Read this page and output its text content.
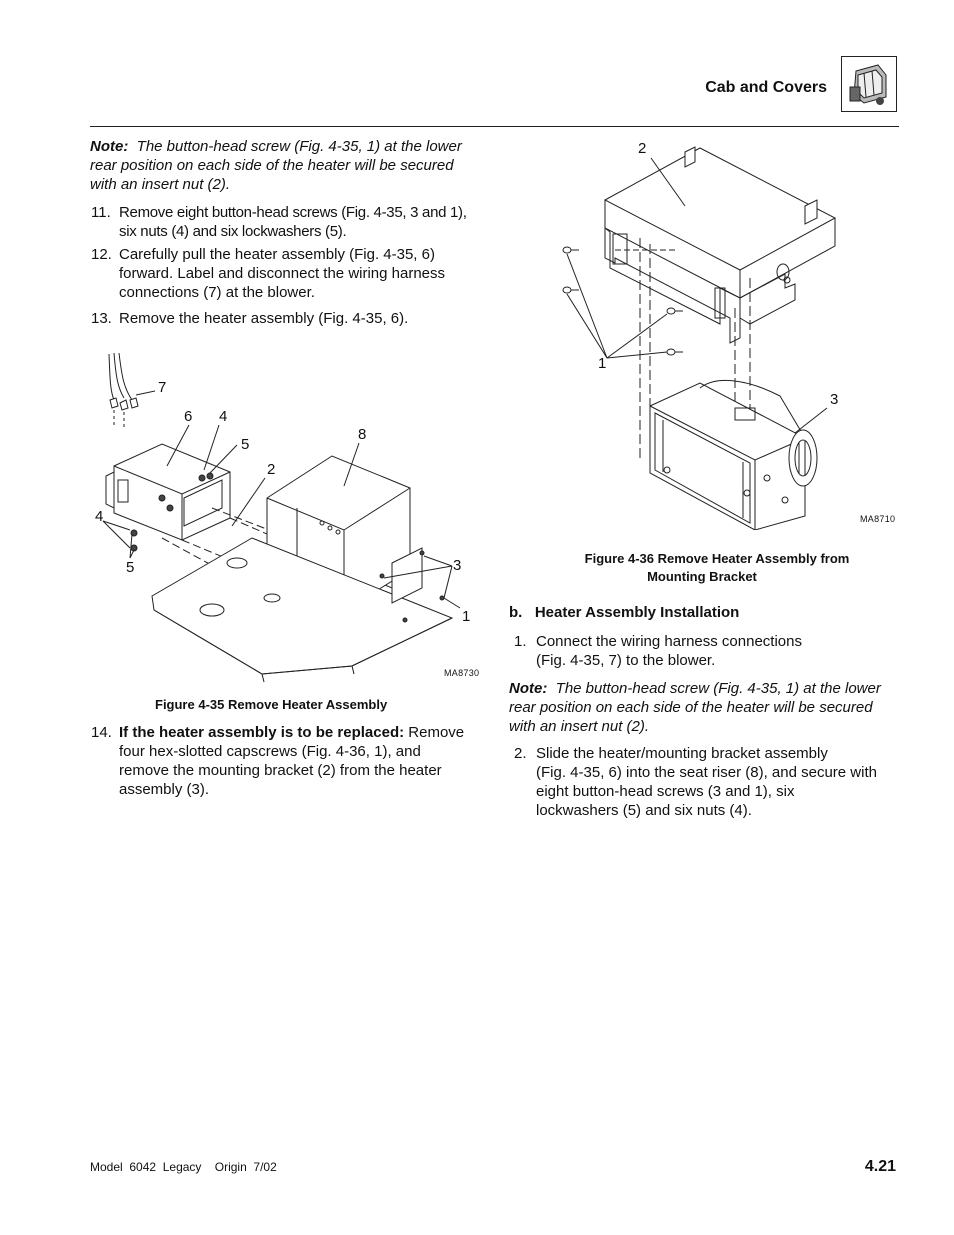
Cab and Covers
Note: The button-head screw (Fig. 4-35, 1) at the lower
rear position on each side of the heater will be secured
with an insert nut (2).
11. Remove eight button-head screws (Fig. 4-35, 3 and 1),
six nuts (4) and six lockwashers (5).
12. Carefully pull the heater assembly (Fig. 4-35, 6)
forward. Label and disconnect the wiring harness
connections (7) at the blower.
13. Remove the heater assembly (Fig. 4-35, 6).
7
6 4
5
8
2
4
5	3
1
MA8730
Figure 4-35 Remove Heater Assembly
14. If the heater assembly is to be replaced: Remove
four hex-slotted capscrews (Fig. 4-36, 1), and
remove the mounting bracket (2) from the heater
assembly (3).
2
1
3
MA8710
Figure 4-36 Remove Heater Assembly from
Mounting Bracket
b.   Heater Assembly Installation
1. Connect the wiring harness connections
(Fig. 4-35, 7) to the blower.
Note: The button-head screw (Fig. 4-35, 1) at the lower
rear position on each side of the heater will be secured
with an insert nut (2).
2. Slide the heater/mounting bracket assembly
(Fig. 4-35, 6) into the seat riser (8), and secure with
eight button-head screws (3 and 1), six
lockwashers (5) and six nuts (4).
Model  6042  Legacy    Origin  7/02	4.21
